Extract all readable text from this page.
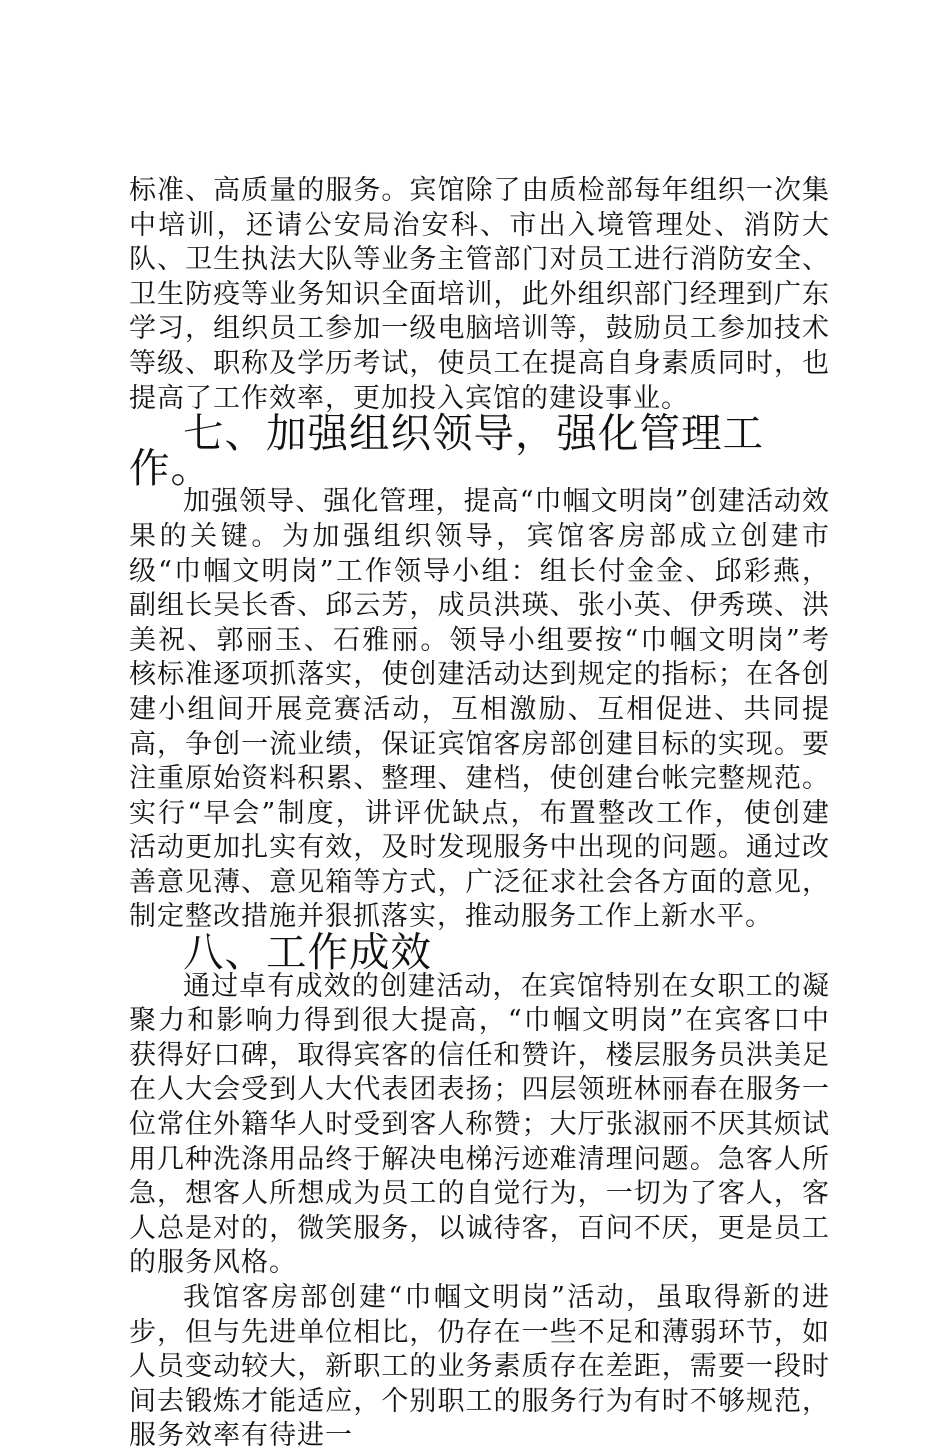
标准、高质量的服务。宾馆除了由质检部每年组织一次集中培训，还请公安局治安科、市出入境管理处、消防大队、卫生执法大队等业务主管部门对员工进行消防安全、卫生防疫等业务知识全面培训，此外组织部门经理到广东学习，组织员工参加一级电脑培训等，鼓励员工参加技术等级、职称及学历考试，使员工在提高自身素质同时，也提高了工作效率，更加投入宾馆的建设事业。

七、加强组织领导，强化管理工作。

加强领导、强化管理，提高“巾帼文明岗”创建活动效果的关键。为加强组织领导，宾馆客房部成立创建市级“巾帼文明岗”工作领导小组：组长付金金、邱彩燕，副组长吴长香、邱云芳，成员洪瑛、张小英、伊秀瑛、洪美祝、郭丽玉、石雅丽。领导小组要按“巾帼文明岗”考核标准逐项抓落实，使创建活动达到规定的指标；在各创建小组间开展竞赛活动，互相激励、互相促进、共同提高，争创一流业绩，保证宾馆客房部创建目标的实现。要注重原始资料积累、整理、建档，使创建台帐完整规范。实行“早会”制度，讲评优缺点，布置整改工作，使创建活动更加扎实有效，及时发现服务中出现的问题。通过改善意见薄、意见箱等方式，广泛征求社会各方面的意见，制定整改措施并狠抓落实，推动服务工作上新水平。

八、工作成效

通过卓有成效的创建活动，在宾馆特别在女职工的凝聚力和影响力得到很大提高，“巾帼文明岗”在宾客口中获得好口碑，取得宾客的信任和赞许，楼层服务员洪美足在人大会受到人大代表团表扬；四层领班林丽春在服务一位常住外籍华人时受到客人称赞；大厅张淑丽不厌其烦试用几种洗涤用品终于解决电梯污迹难清理问题。急客人所急，想客人所想成为员工的自觉行为，一切为了客人，客人总是对的，微笑服务，以诚待客，百问不厌，更是员工的服务风格。

我馆客房部创建“巾帼文明岗”活动，虽取得新的进步，但与先进单位相比，仍存在一些不足和薄弱环节，如人员变动较大，新职工的业务素质存在差距，需要一段时间去锻炼才能适应，个别职工的服务行为有时不够规范，服务效率有待进一
